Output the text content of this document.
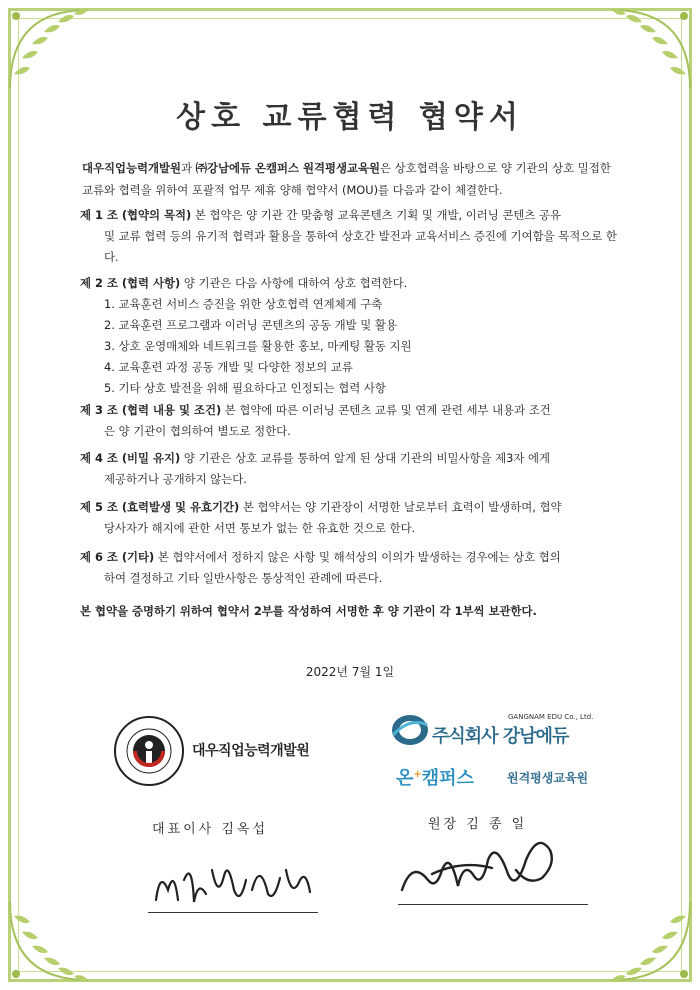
상호 교류협력 협약서
대우직업능력개발원과 ㈜강남에듀 온캠퍼스 원격평생교육원은 상호협력을 바탕으로 양 기관의 상호 밀접한 교류와 협력을 위하여 포괄적 업무 제휴 양해 협약서 (MOU)를 다음과 같이 체결한다.
제 1 조 (협약의 목적) 본 협약은 양 기관 간 맞춤형 교육콘텐츠 기획 및 개발, 이러닝 콘텐츠 공유
및 교류 협력 등의 유기적 협력과 활용을 통하여 상호간 발전과 교육서비스 증진에 기여함을 목적으로 한다.
제 2 조 (협력 사항) 양 기관은 다음 사항에 대하여 상호 협력한다.
1. 교육훈련 서비스 증진을 위한 상호협력 연계체계 구축
2. 교육훈련 프로그램과 이러닝 콘텐츠의 공동 개발 및 활용
3. 상호 운영매체와 네트워크를 활용한 홍보, 마케팅 활동 지원
4. 교육훈련 과정 공동 개발 및 다양한 정보의 교류
5. 기타 상호 발전을 위해 필요하다고 인정되는 협력 사항
제 3 조 (협력 내용 및 조건) 본 협약에 따른 이러닝 콘텐츠 교류 및 연계 관련 세부 내용과 조건
은 양 기관이 협의하여 별도로 정한다.
제 4 조 (비밀 유지) 양 기관은 상호 교류를 통하여 알게 된 상대 기관의 비밀사항을 제3자 에게
제공하거나 공개하지 않는다.
제 5 조 (효력발생 및 유효기간) 본 협약서는 양 기관장이 서명한 날로부터 효력이 발생하며, 협약
당사자가 해지에 관한 서면 통보가 없는 한 유효한 것으로 한다.
제 6 조 (기타) 본 협약서에서 정하지 않은 사항 및 해석상의 이의가 발생하는 경우에는 상호 협의
하여 결정하고 기타 일반사항은 통상적인 관례에 따른다.
본 협약을 증명하기 위하여 협약서 2부를 작성하여 서명한 후 양 기관이 각 1부씩 보관한다.
2022년 7월 1일
대우직업능력개발원
GANGNAM EDU Co., Ltd.
주식회사 강남에듀
온+캠퍼스	원격평생교육원
대표이사 김옥섭	원장 김 종 일
